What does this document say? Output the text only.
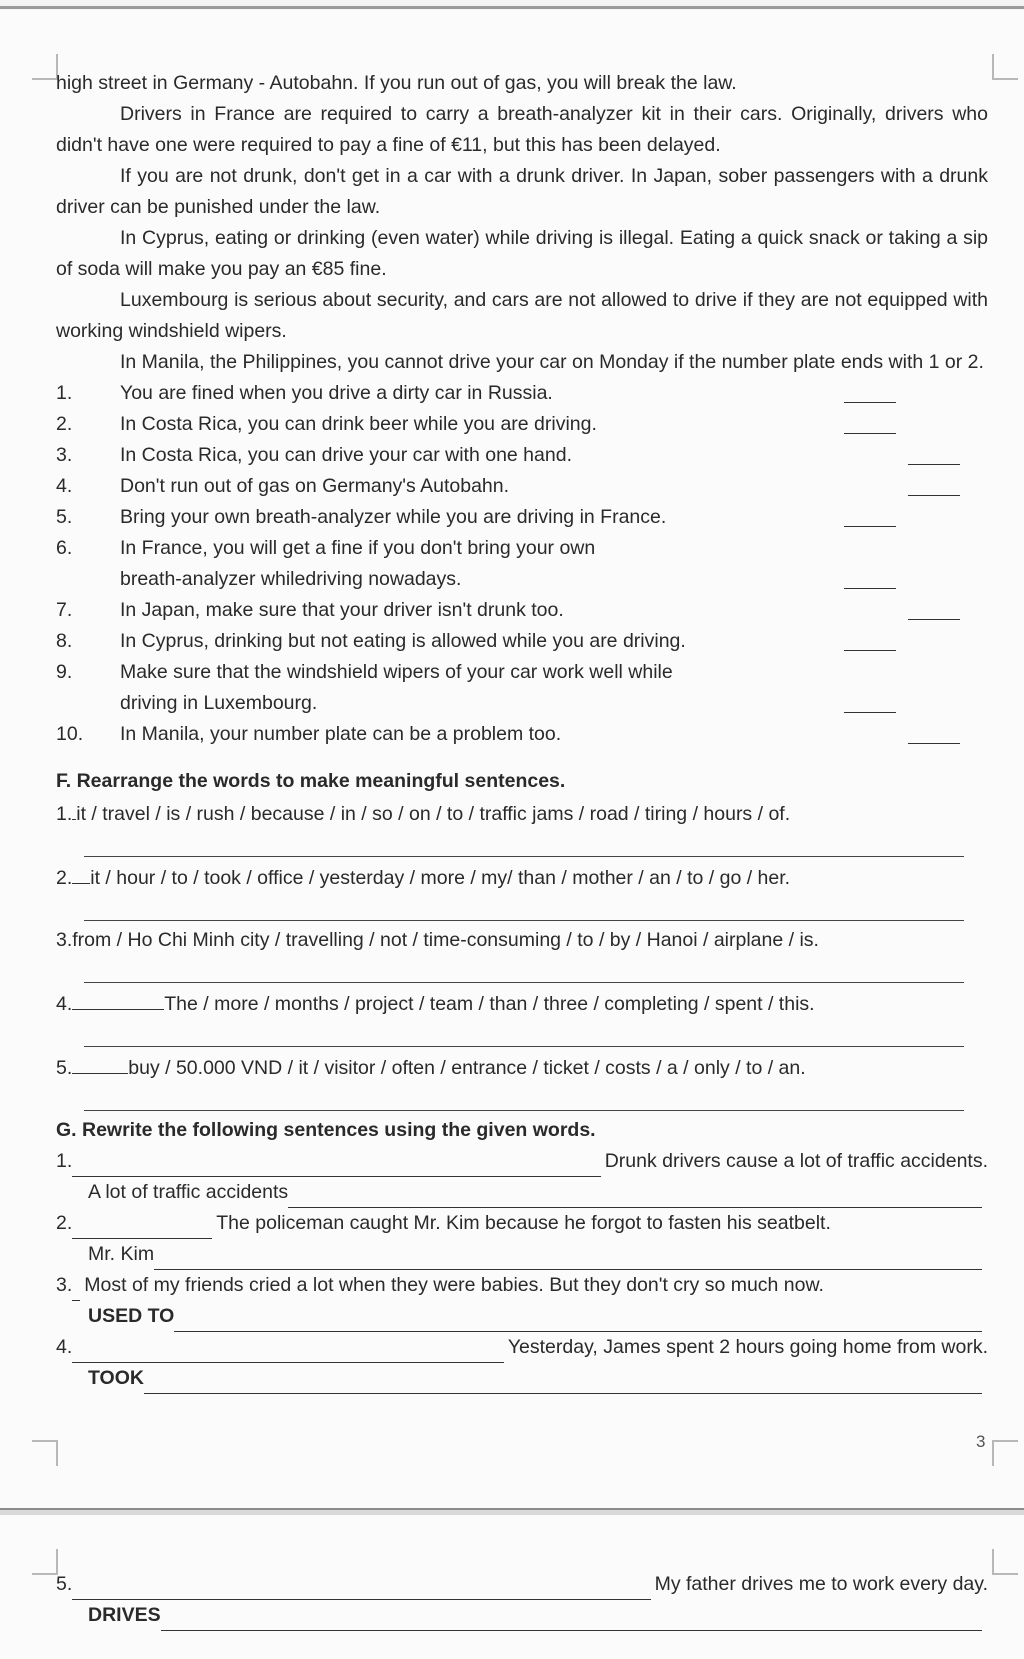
high street in Germany - Autobahn. If you run out of gas, you will break the law.

Drivers in France are required to carry a breath-analyzer kit in their cars. Originally, drivers who didn't have one were required to pay a fine of €11, but this has been delayed.

If you are not drunk, don't get in a car with a drunk driver. In Japan, sober passengers with a drunk driver can be punished under the law.

In Cyprus, eating or drinking (even water) while driving is illegal. Eating a quick snack or taking a sip of soda will make you pay an €85 fine.

Luxembourg is serious about security, and cars are not allowed to drive if they are not equipped with working windshield wipers.

In Manila, the Philippines, you cannot drive your car on Monday if the number plate ends with 1 or 2.

1.	You are fined when you drive a dirty car in Russia.
2.	In Costa Rica, you can drink beer while you are driving.
3.	In Costa Rica, you can drive your car with one hand.
4.	Don't run out of gas on Germany's Autobahn.
5.	Bring your own breath-analyzer while you are driving in France.
6.	In France, you will get a fine if you don't bring your own
breath-analyzer whiledriving nowadays.
7.	In Japan, make sure that your driver isn't drunk too.
8.	In Cyprus, drinking but not eating is allowed while you are driving.
9.	Make sure that the windshield wipers of your car work well while
driving in Luxembourg.
10.	In Manila, your number plate can be a problem too.
F. Rearrange the words to make meaningful sentences.
1. it / travel / is / rush / because / in / so / on / to / traffic jams / road / tiring / hours / of.
2. it / hour / to / took / office / yesterday / more / my/ than / mother / an / to / go / her.
3.from / Ho Chi Minh city / travelling / not / time-consuming / to / by / Hanoi / airplane / is.
4.	The / more / months / project / team / than / three / completing / spent / this.
5.	buy / 50.000 VND / it / visitor / often / entrance / ticket / costs / a / only / to / an.
G. Rewrite the following sentences using the given words.
1.	Drunk drivers cause a lot of traffic accidents.
A lot of traffic accidents
2.	The policeman caught Mr. Kim because he forgot to fasten his seatbelt.
Mr. Kim
3. Most of my friends cried a lot when they were babies. But they don't cry so much now.
USED TO
4.	Yesterday, James spent 2 hours going home from work.
TOOK
3
5.	My father drives me to work every day.
DRIVES
